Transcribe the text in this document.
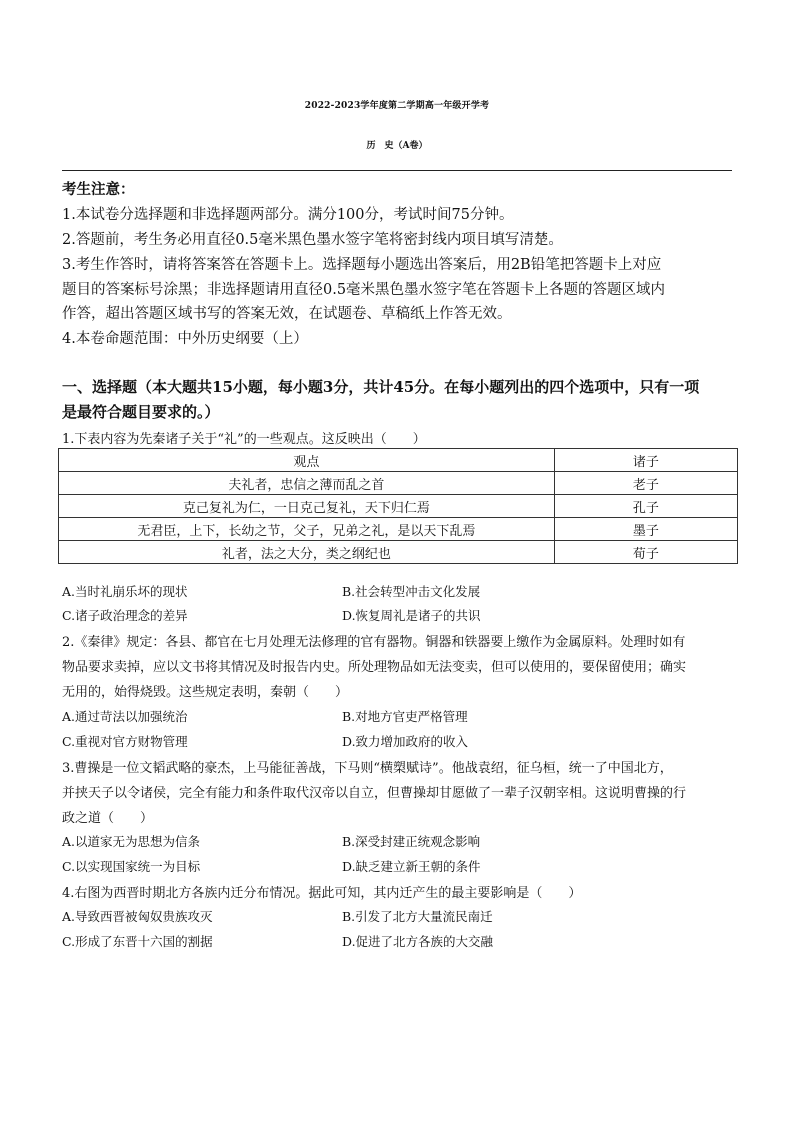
2022-2023学年度第二学期高一年级开学考
历　史（A卷）
考生注意：
1.本试卷分选择题和非选择题两部分。满分100分，考试时间75分钟。
2.答题前，考生务必用直径0.5毫米黑色墨水签字笔将密封线内项目填写清楚。
3.考生作答时，请将答案答在答题卡上。选择题每小题选出答案后，用2B铅笔把答题卡上对应
题目的答案标号涂黑；非选择题请用直径0.5毫米黑色墨水签字笔在答题卡上各题的答题区域内
作答，超出答题区域书写的答案无效，在试题卷、草稿纸上作答无效。
4.本卷命题范围：中外历史纲要（上）
一、选择题（本大题共15小题，每小题3分，共计45分。在每小题列出的四个选项中，只有一项
是最符合题目要求的。）
1.下表内容为先秦诸子关于“礼”的一些观点。这反映出（　　）
观点	诸子
夫礼者，忠信之薄而乱之首	老子
克己复礼为仁，一日克己复礼，天下归仁焉	孔子
无君臣，上下，长幼之节，父子，兄弟之礼，是以天下乱焉	墨子
礼者，法之大分，类之纲纪也	荀子
A.当时礼崩乐坏的现状	B.社会转型冲击文化发展
C.诸子政治理念的差异	D.恢复周礼是诸子的共识
2.《秦律》规定：各县、都官在七月处理无法修理的官有器物。铜器和铁器要上缴作为金属原料。处理时如有
物品要求卖掉，应以文书将其情况及时报告内史。所处理物品如无法变卖，但可以使用的，要保留使用；确实
无用的，始得烧毁。这些规定表明，秦朝（　　）
A.通过苛法以加强统治	B.对地方官吏严格管理
C.重视对官方财物管理	D.致力增加政府的收入
3.曹操是一位文韬武略的豪杰，上马能征善战，下马则“横槊赋诗”。他战袁绍，征乌桓，统一了中国北方，
并挟天子以令诸侯，完全有能力和条件取代汉帝以自立，但曹操却甘愿做了一辈子汉朝宰相。这说明曹操的行
政之道（　　）
A.以道家无为思想为信条	B.深受封建正统观念影响
C.以实现国家统一为目标	D.缺乏建立新王朝的条件
4.右图为西晋时期北方各族内迁分布情况。据此可知，其内迁产生的最主要影响是（　　）
A.导致西晋被匈奴贵族攻灭	B.引发了北方大量流民南迁
C.形成了东晋十六国的割据	D.促进了北方各族的大交融
